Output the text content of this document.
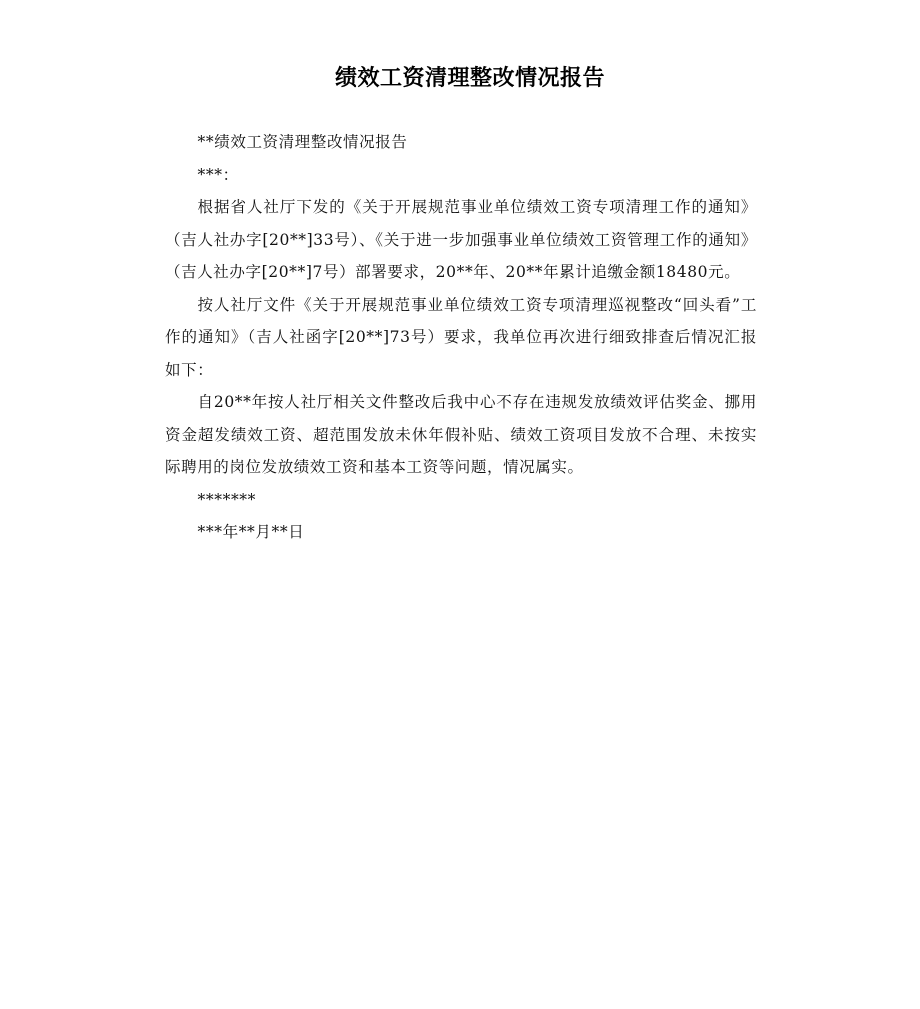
绩效工资清理整改情况报告

**绩效工资清理整改情况报告

***：

根据省人社厅下发的《关于开展规范事业单位绩效工资专项清理工作的通知》（吉人社办字[20**]33号）、《关于进一步加强事业单位绩效工资管理工作的通知》（吉人社办字[20**]7号）部署要求，20**年、20**年累计追缴金额18480元。

按人社厅文件《关于开展规范事业单位绩效工资专项清理巡视整改“回头看”工作的通知》（吉人社函字[20**]73号）要求，我单位再次进行细致排查后情况汇报如下：

自20**年按人社厅相关文件整改后我中心不存在违规发放绩效评估奖金、挪用资金超发绩效工资、超范围发放未休年假补贴、绩效工资项目发放不合理、未按实际聘用的岗位发放绩效工资和基本工资等问题，情况属实。

*******

***年**月**日
